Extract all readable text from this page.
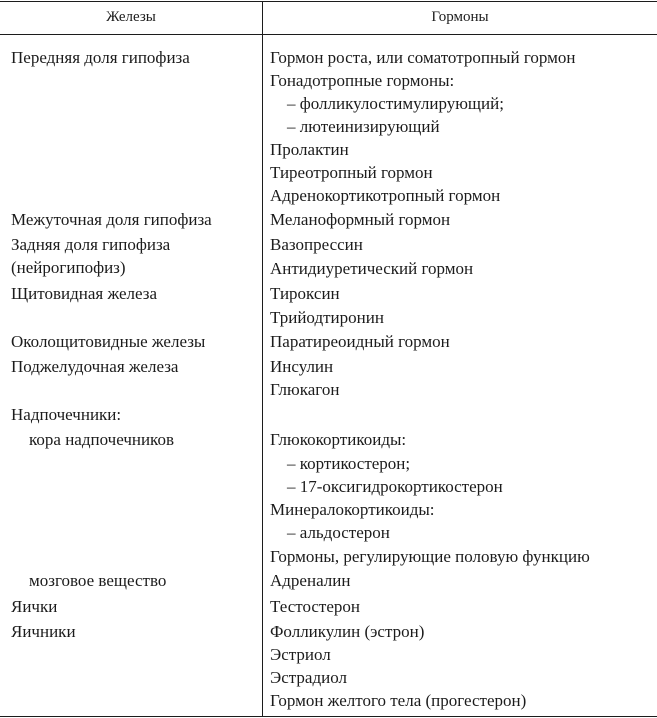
Железы	Гормоны
Передняя доля гипофиза
Межуточная доля гипофиза
Задняя доля гипофиза
(нейрогипофиз)
Щитовидная железа
Околощитовидные железы
Поджелудочная железа
Надпочечники:
кора надпочечников
мозговое вещество
Яички
Яичники
Гормон роста, или соматотропный гормон
Гонадотропные гормоны:
– фолликулостимулирующий;
– лютеинизирующий
Пролактин
Тиреотропный гормон
Адренокортикотропный гормон
Меланоформный гормон
Вазопрессин
Антидиуретический гормон
Тироксин
Трийодтиронин
Паратиреоидный гормон
Инсулин
Глюкагон
Глюкокортикоиды:
– кортикостерон;
– 17-оксигидрокортикостерон
Минералокортикоиды:
– альдостерон
Гормоны, регулирующие половую функцию
Адреналин
Тестостерон
Фолликулин (эстрон)
Эстриол
Эстрадиол
Гормон желтого тела (прогестерон)
